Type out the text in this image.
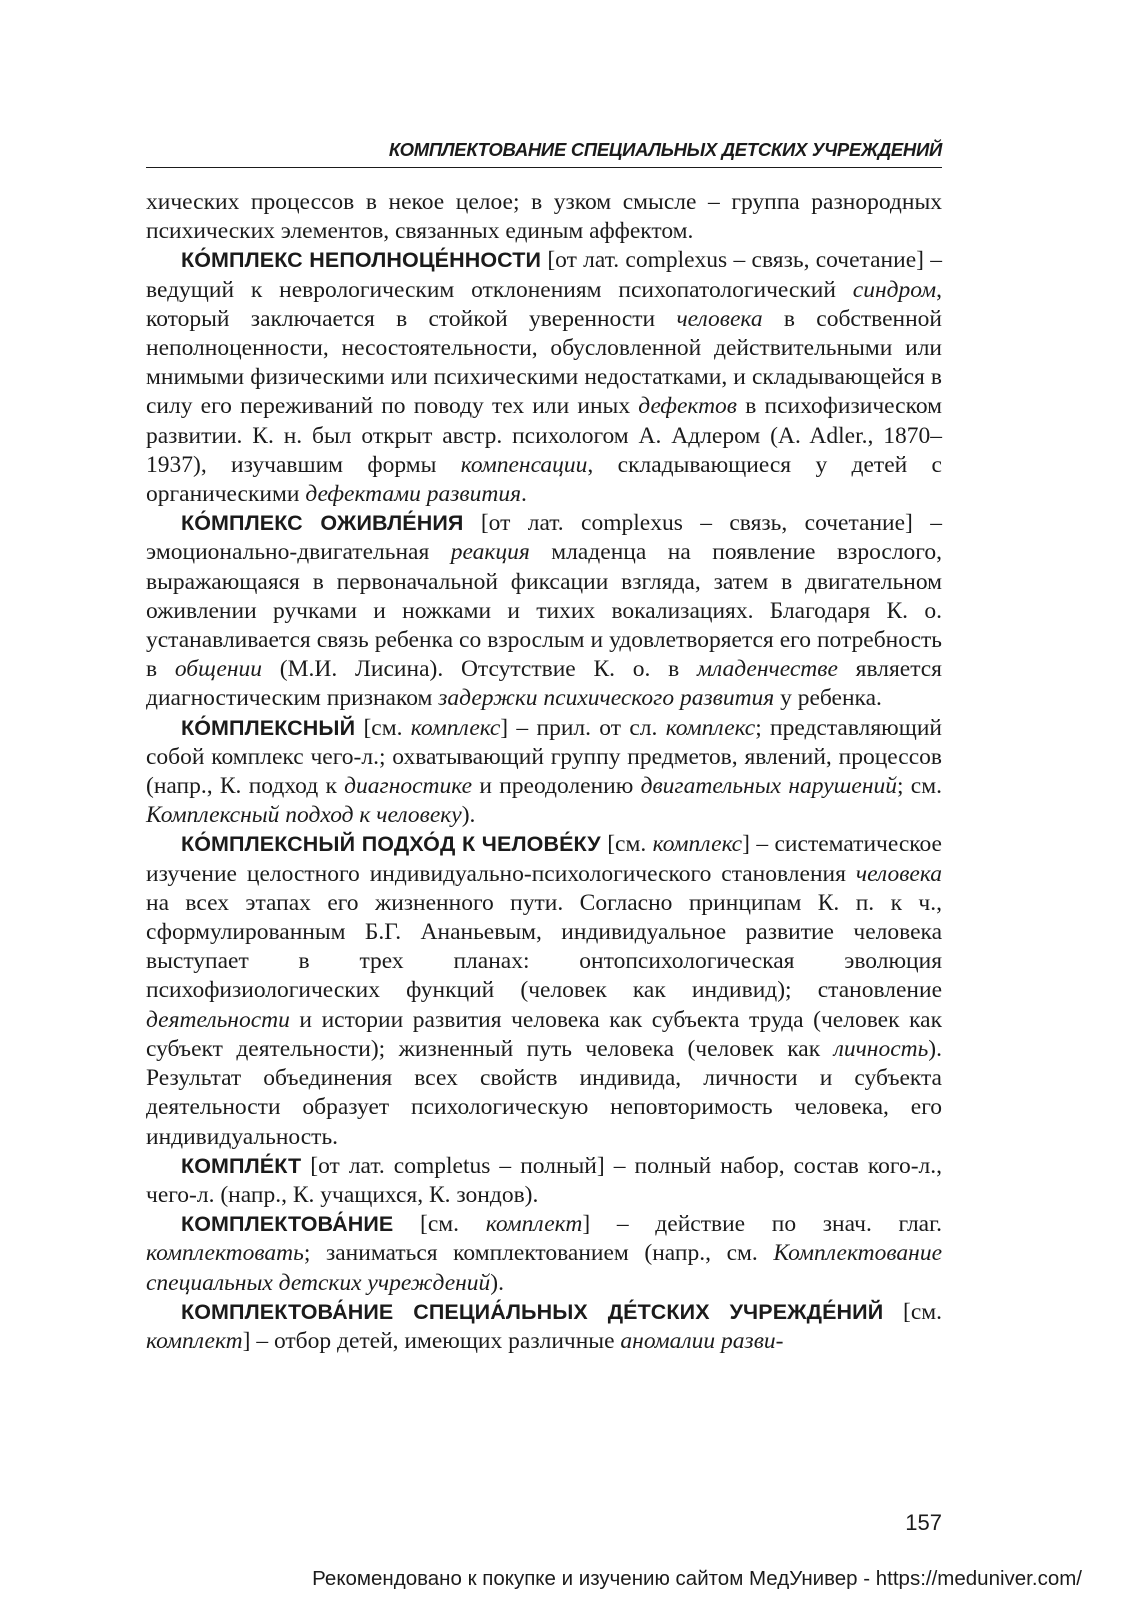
КОМПЛЕКТОВАНИЕ СПЕЦИАЛЬНЫХ ДЕТСКИХ УЧРЕЖДЕНИЙ

хических процессов в некое целое; в узком смысле – группа разнородных психических элементов, связанных единым аффектом.

КО́МПЛЕКС НЕПОЛНОЦЕ́ННОСТИ [от лат. complexus – связь, сочетание] – ведущий к неврологическим отклонениям психопатологический синдром, который заключается в стойкой уверенности человека в собственной неполноценности, несостоятельности, обусловленной действительными или мнимыми физическими или психическими недостатками, и складывающейся в силу его переживаний по поводу тех или иных дефектов в психофизическом развитии. К. н. был открыт австр. психологом А. Адлером (A. Adler., 1870–1937), изучавшим формы компенсации, складывающиеся у детей с органическими дефектами развития.

КО́МПЛЕКС ОЖИВЛЕ́НИЯ [от лат. complexus – связь, сочетание] – эмоционально-двигательная реакция младенца на появление взрослого, выражающаяся в первоначальной фиксации взгляда, затем в двигательном оживлении ручками и ножками и тихих вокализациях. Благодаря К. о. устанавливается связь ребенка со взрослым и удовлетворяется его потребность в общении (М.И. Лисина). Отсутствие К. о. в младенчестве является диагностическим признаком задержки психического развития у ребенка.

КО́МПЛЕКСНЫЙ [см. комплекс] – прил. от сл. комплекс; представляющий собой комплекс чего-л.; охватывающий группу предметов, явлений, процессов (напр., К. подход к диагностике и преодолению двигательных нарушений; см. Комплексный подход к человеку).

КО́МПЛЕКСНЫЙ ПОДХО́Д К ЧЕЛОВЕ́КУ [см. комплекс] – систематическое изучение целостного индивидуально-психологического становления человека на всех этапах его жизненного пути. Согласно принципам К. п. к ч., сформулированным Б.Г. Ананьевым, индивидуальное развитие человека выступает в трех планах: онтопсихологическая эволюция психофизиологических функций (человек как индивид); становление деятельности и истории развития человека как субъекта труда (человек как субъект деятельности); жизненный путь человека (человек как личность). Результат объединения всех свойств индивида, личности и субъекта деятельности образует психологическую неповторимость человека, его индивидуальность.

КОМПЛЕ́КТ [от лат. completus – полный] – полный набор, состав кого-л., чего-л. (напр., К. учащихся, К. зондов).

КОМПЛЕКТОВА́НИЕ [см. комплект] – действие по знач. глаг. комплектовать; заниматься комплектованием (напр., см. Комплектование специальных детских учреждений).

КОМПЛЕКТОВА́НИЕ СПЕЦИА́ЛЬНЫХ ДЕ́ТСКИХ УЧРЕЖДЕ́НИЙ [см. комплект] – отбор детей, имеющих различные аномалии разви-

157
Рекомендовано к покупке и изучению сайтом МедУнивер - https://meduniver.com/
